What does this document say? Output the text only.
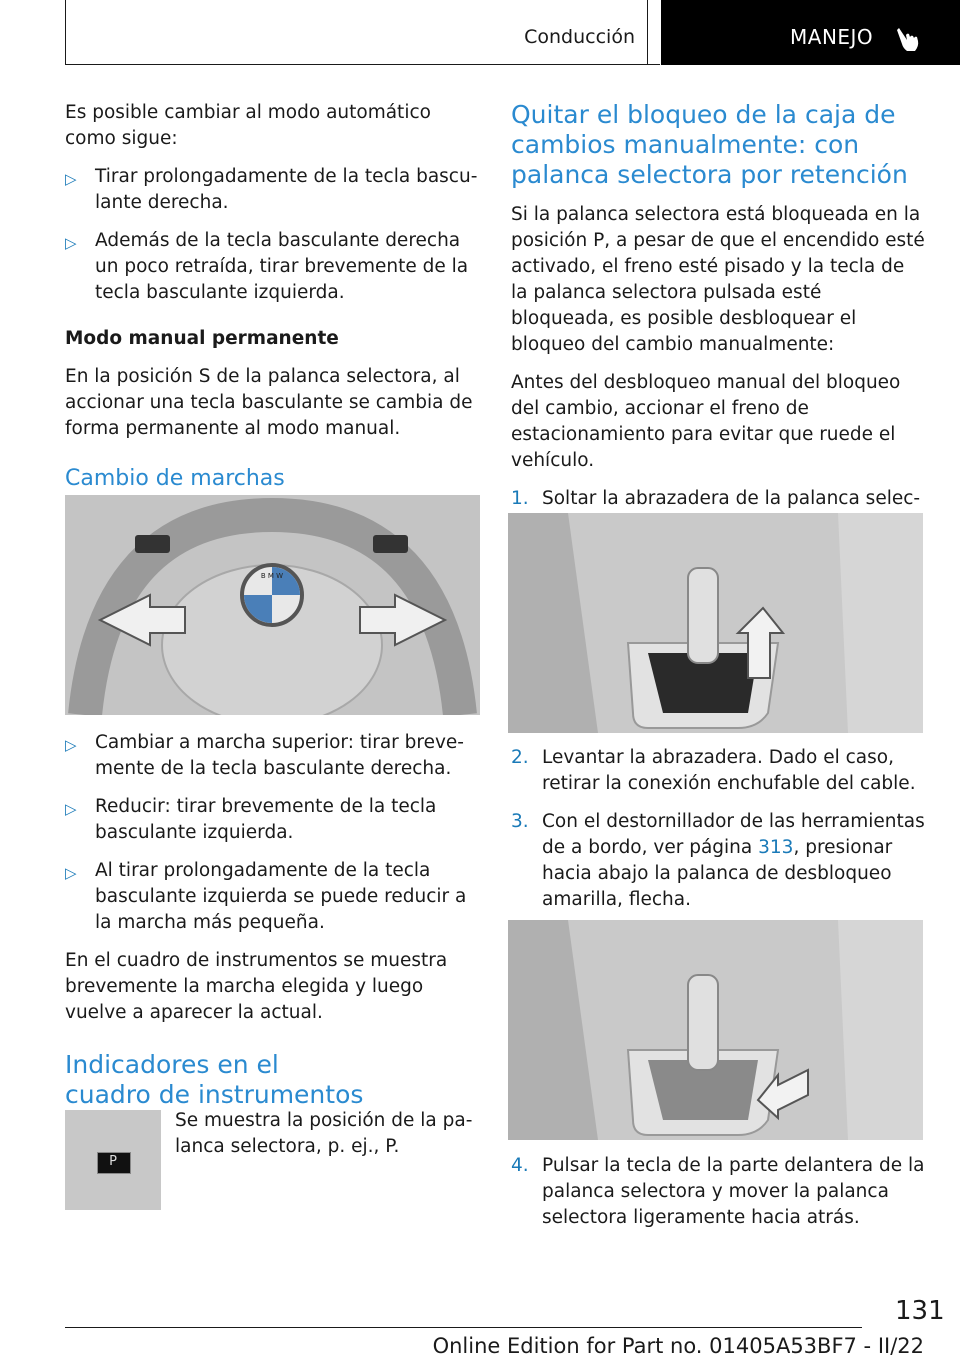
Conducción	MANEJO

Es posible cambiar al modo automático como sigue:

▷ Tirar prolongadamente de la tecla basculante derecha.
▷ Además de la tecla basculante derecha un poco retraída, tirar brevemente de la tecla basculante izquierda.

Modo manual permanente

En la posición S de la palanca selectora, al accionar una tecla basculante se cambia de forma permanente al modo manual.

Cambio de marchas
B M W
▷ Cambiar a marcha superior: tirar brevemente de la tecla basculante derecha.
▷ Reducir: tirar brevemente de la tecla basculante izquierda.
▷ Al tirar prolongadamente de la tecla basculante izquierda se puede reducir a la marcha más pequeña.

En el cuadro de instrumentos se muestra brevemente la marcha elegida y luego vuelve a aparecer la actual.

Indicadores en el cuadro de instrumentos
P
Se muestra la posición de la palanca selectora, p. ej., P.
Quitar el bloqueo de la caja de cambios manualmente: con palanca selectora por retención

Si la palanca selectora está bloqueada en la posición P, a pesar de que el encendido esté activado, el freno esté pisado y la tecla de la palanca selectora pulsada esté bloqueada, es posible desbloquear el bloqueo del cambio manualmente:

Antes del desbloqueo manual del bloqueo del cambio, accionar el freno de estacionamiento para evitar que ruede el vehículo.

1. Soltar la abrazadera de la palanca selec
2. Levantar la abrazadera. Dado el caso, retirar la conexión enchufable del cable.
3. Con el destornillador de las herramientas de a bordo, ver página 313, presionar hacia abajo la palanca de desbloqueo amarilla, flecha.
4. Pulsar la tecla de la parte delantera de la palanca selectora y mover la palanca selectora ligeramente hacia atrás.
131
Online Edition for Part no. 01405A53BF7 - II/22
